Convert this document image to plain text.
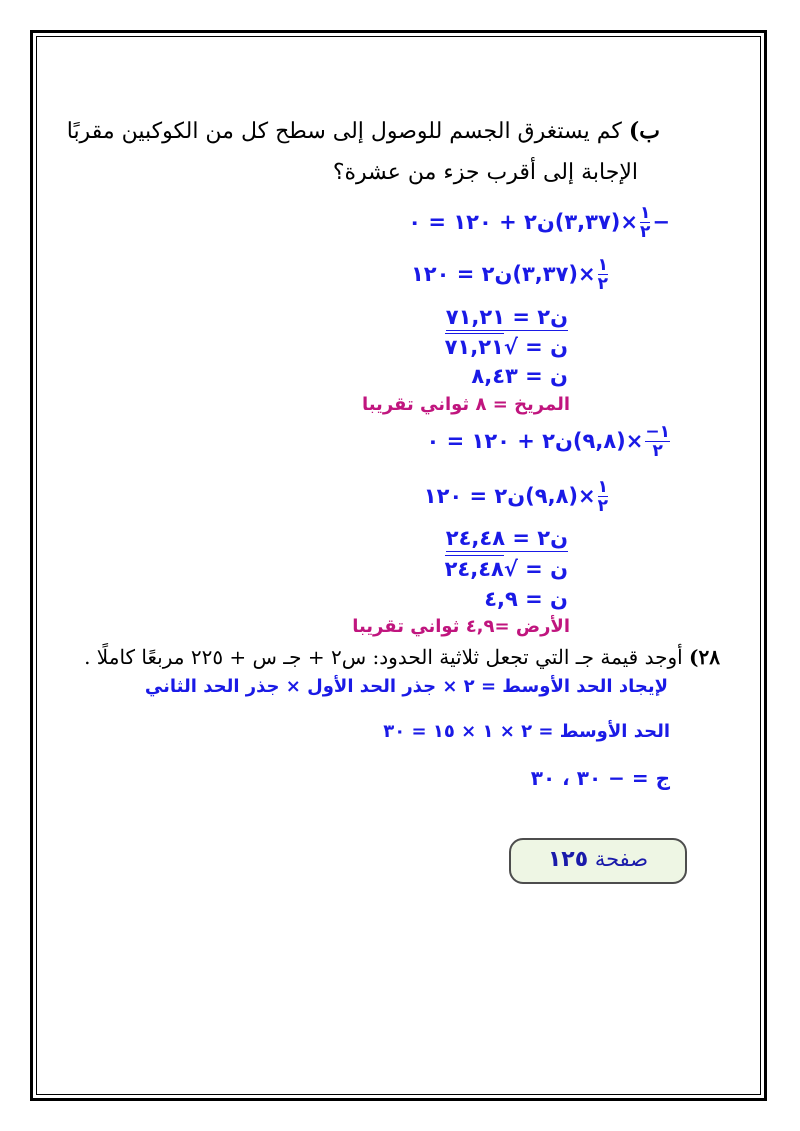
ب) كم يستغرق الجسم للوصول إلى سطح كل من الكوكبين مقربًا
الإجابة إلى أقرب جزء من عشرة؟
−
$\frac{١}{٢}$
×(٣,٣٧)ن٢ + ١٢٠ = ٠
$\frac{١}{٢}$
×(٣,٣٧)ن٢ = ١٢٠
ن٢ = ٧١,٢١
ن = √٧١,٢١
ن = ٨,٤٣
المريخ = ٨ ثواني تقريبا
$\frac{١-}{٢}$
×(٩,٨)ن٢ + ١٢٠ = ٠
$\frac{١}{٢}$
×(٩,٨)ن٢ = ١٢٠
ن٢ = ٢٤,٤٨
ن = √٢٤,٤٨
ن = ٤,٩
الأرض =٤,٩ ثواني تقريبا
٢٨) أوجد قيمة جـ التي تجعل ثلاثية الحدود: س٢ + جـ س + ٢٢٥ مربعًا كاملًا .
لإيجاد الحد الأوسط = ٢ × جذر الحد الأول × جذر الحد الثاني
الحد الأوسط = ٢ × ١ × ١٥ = ٣٠
ج = − ٣٠ ، ٣٠
صفحة ١٢٥
